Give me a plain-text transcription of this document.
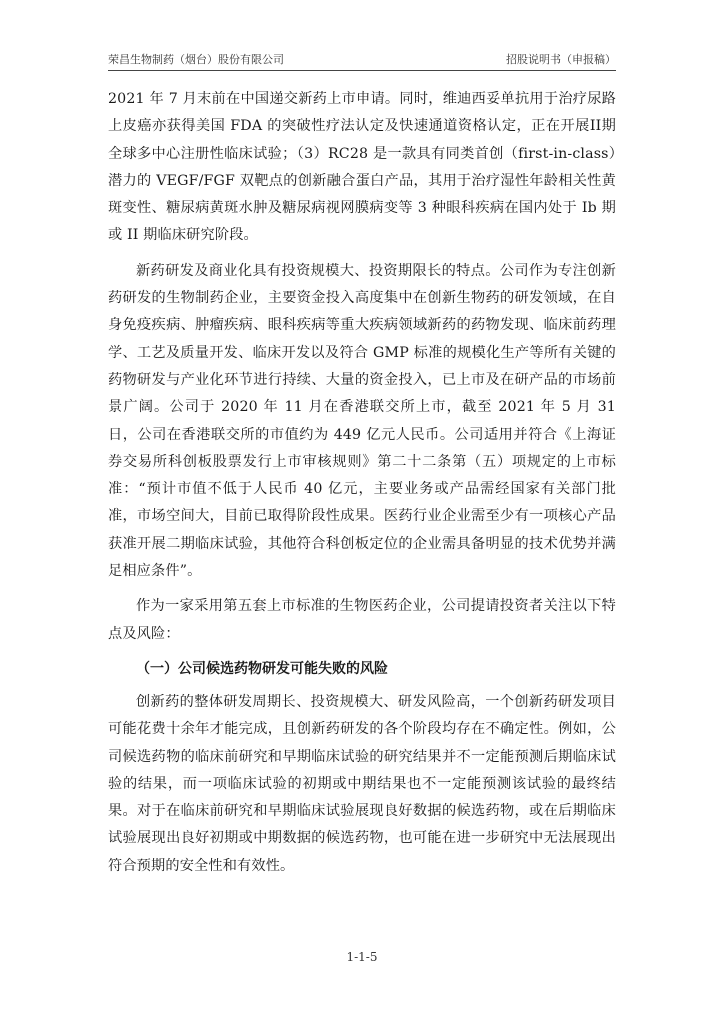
荣昌生物制药（烟台）股份有限公司	招股说明书（申报稿）

2021 年 7 月末前在中国递交新药上市申请。同时，维迪西妥单抗用于治疗尿路上皮癌亦获得美国 FDA 的突破性疗法认定及快速通道资格认定，正在开展II期全球多中心注册性临床试验；（3）RC28 是一款具有同类首创（first-in-class）潜力的 VEGF/FGF 双靶点的创新融合蛋白产品，其用于治疗湿性年龄相关性黄斑变性、糖尿病黄斑水肿及糖尿病视网膜病变等 3 种眼科疾病在国内处于 Ib 期或 II 期临床研究阶段。

新药研发及商业化具有投资规模大、投资期限长的特点。公司作为专注创新药研发的生物制药企业，主要资金投入高度集中在创新生物药的研发领域，在自身免疫疾病、肿瘤疾病、眼科疾病等重大疾病领域新药的药物发现、临床前药理学、工艺及质量开发、临床开发以及符合 GMP 标准的规模化生产等所有关键的药物研发与产业化环节进行持续、大量的资金投入，已上市及在研产品的市场前景广阔。公司于 2020 年 11 月在香港联交所上市，截至 2021 年 5 月 31 日，公司在香港联交所的市值约为 449 亿元人民币。公司适用并符合《上海证券交易所科创板股票发行上市审核规则》第二十二条第（五）项规定的上市标准：“预计市值不低于人民币 40 亿元，主要业务或产品需经国家有关部门批准，市场空间大，目前已取得阶段性成果。医药行业企业需至少有一项核心产品获准开展二期临床试验，其他符合科创板定位的企业需具备明显的技术优势并满足相应条件”。

作为一家采用第五套上市标准的生物医药企业，公司提请投资者关注以下特点及风险：

（一）公司候选药物研发可能失败的风险

创新药的整体研发周期长、投资规模大、研发风险高，一个创新药研发项目可能花费十余年才能完成，且创新药研发的各个阶段均存在不确定性。例如，公司候选药物的临床前研究和早期临床试验的研究结果并不一定能预测后期临床试验的结果，而一项临床试验的初期或中期结果也不一定能预测该试验的最终结果。对于在临床前研究和早期临床试验展现良好数据的候选药物，或在后期临床试验展现出良好初期或中期数据的候选药物，也可能在进一步研究中无法展现出符合预期的安全性和有效性。

1-1-5
